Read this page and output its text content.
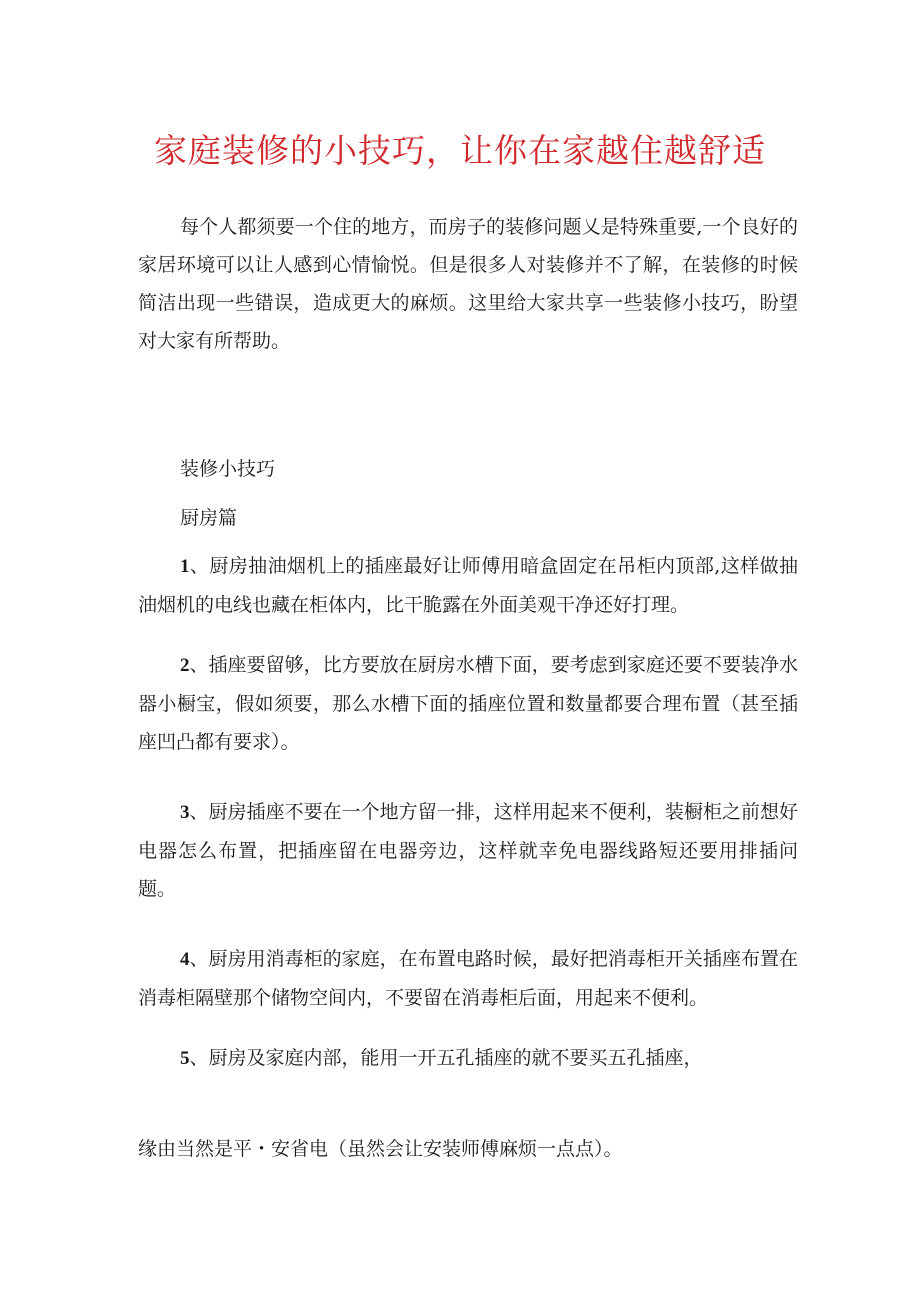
家庭装修的小技巧，让你在家越住越舒适

每个人都须要一个住的地方，而房子的装修问题乂是特殊重要,一个良好的家居环境可以让人感到心情愉悦。但是很多人对装修并不了解，在装修的时候简洁出现一些错误，造成更大的麻烦。这里给大家共享一些装修小技巧，盼望对大家有所帮助。

装修小技巧

厨房篇

1、厨房抽油烟机上的插座最好让师傅用暗盒固定在吊柜内顶部,这样做抽油烟机的电线也藏在柜体内，比干脆露在外面美观干净还好打理。

2、插座要留够，比方要放在厨房水槽下面，要考虑到家庭还要不要装净水器小橱宝，假如须要，那么水槽下面的插座位置和数量都要合理布置（甚至插座凹凸都有要求）。

3、厨房插座不要在一个地方留一排，这样用起来不便利，装橱柜之前想好电器怎么布置，把插座留在电器旁边，这样就幸免电器线路短还要用排插问题。

4、厨房用消毒柜的家庭，在布置电路时候，最好把消毒柜开关插座布置在消毒柜隔壁那个储物空间内，不要留在消毒柜后面，用起来不便利。

5、厨房及家庭内部，能用一开五孔插座的就不要买五孔插座，

缘由当然是平・安省电（虽然会让安装师傅麻烦一点点）。
